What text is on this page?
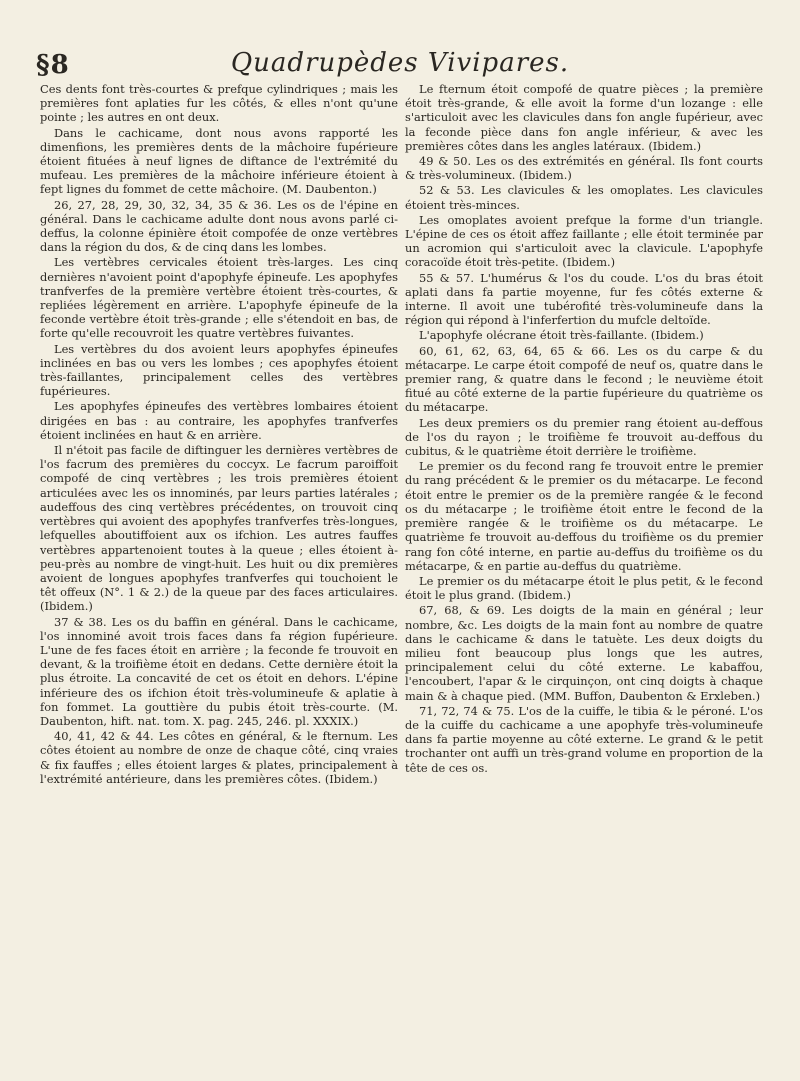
§8	Quadrupèdes Vivipares.

Ces dents font très-courtes & prefque cylindriques ; mais les premières font aplaties fur les côtés, & elles n'ont qu'une pointe ; les autres en ont deux.

Dans le cachicame, dont nous avons rapporté les dimenfions, les premières dents de la mâchoire fupérieure étoient fituées à neuf lignes de diftance de l'extrémité du mufeau. Les premières de la mâchoire inférieure étoient à fept lignes du fommet de cette mâchoire. (M. Daubenton.)

26, 27, 28, 29, 30, 32, 34, 35 & 36. Les os de l'épine en général. Dans le cachicame adulte dont nous avons parlé ci-deffus, la colonne épinière étoit compofée de onze vertèbres dans la région du dos, & de cinq dans les lombes.

Les vertèbres cervicales étoient très-larges. Les cinq dernières n'avoient point d'apophyfe épineufe. Les apophyfes tranfverfes de la première vertèbre étoient très-courtes, & repliées légèrement en arrière. L'apophyfe épineufe de la feconde vertèbre étoit très-grande ; elle s'étendoit en bas, de forte qu'elle recouvroit les quatre vertèbres fuivantes.

Les vertèbres du dos avoient leurs apophyfes épineufes inclinées en bas ou vers les lombes ; ces apophyfes étoient très-faillantes, principalement celles des vertèbres fupérieures.

Les apophyfes épineufes des vertèbres lombaires étoient dirigées en bas : au contraire, les apophyfes tranfverfes étoient inclinées en haut & en arrière.

Il n'étoit pas facile de diftinguer les dernières vertèbres de l'os facrum des premières du coccyx. Le facrum paroiffoit compofé de cinq vertèbres ; les trois premières étoient articulées avec les os innominés, par leurs parties latérales ; audeffous des cinq vertèbres précédentes, on trouvoit cinq vertèbres qui avoient des apophyfes tranfverfes très-longues, lefquelles aboutiffoient aux os ifchion. Les autres fauffes vertèbres appartenoient toutes à la queue ; elles étoient à-peu-près au nombre de vingt-huit. Les huit ou dix premières avoient de longues apophyfes tranfverfes qui touchoient le têt offeux (N°. 1 & 2.) de la queue par des faces articulaires. (Ibidem.)

37 & 38. Les os du baffin en général. Dans le cachicame, l'os innominé avoit trois faces dans fa région fupérieure. L'une de fes faces étoit en arrière ; la feconde fe trouvoit en devant, & la troifième étoit en dedans. Cette dernière étoit la plus étroite. La concavité de cet os étoit en dehors. L'épine inférieure des os ifchion étoit très-volumineufe & aplatie à fon fommet. La gouttière du pubis étoit très-courte. (M. Daubenton, hift. nat. tom. X. pag. 245, 246. pl. XXXIX.)

40, 41, 42 & 44. Les côtes en général, & le fternum. Les côtes étoient au nombre de onze de chaque côté, cinq vraies & fix fauffes ; elles étoient larges & plates, principalement à l'extrémité antérieure, dans les premières côtes. (Ibidem.)

Le fternum étoit compofé de quatre pièces ; la première étoit très-grande, & elle avoit la forme d'un lozange : elle s'articuloit avec les clavicules dans fon angle fupérieur, avec la feconde pièce dans fon angle inférieur, & avec les premières côtes dans les angles latéraux. (Ibidem.)

49 & 50. Les os des extrémités en général. Ils font courts & très-volumineux. (Ibidem.)

52 & 53. Les clavicules & les omoplates. Les clavicules étoient très-minces.

Les omoplates avoient prefque la forme d'un triangle. L'épine de ces os étoit affez faillante ; elle étoit terminée par un acromion qui s'articuloit avec la clavicule. L'apophyfe coracoïde étoit très-petite. (Ibidem.)

55 & 57. L'humérus & l'os du coude. L'os du bras étoit aplati dans fa partie moyenne, fur fes côtés externe & interne. Il avoit une tubérofité très-volumineufe dans la région qui répond à l'inferfertion du mufcle deltoïde.

L'apophyfe olécrane étoit très-faillante. (Ibidem.)

60, 61, 62, 63, 64, 65 & 66. Les os du carpe & du métacarpe. Le carpe étoit compofé de neuf os, quatre dans le premier rang, & quatre dans le fecond ; le neuvième étoit fitué au côté externe de la partie fupérieure du quatrième os du métacarpe.

Les deux premiers os du premier rang étoient au-deffous de l'os du rayon ; le troifième fe trouvoit au-deffous du cubitus, & le quatrième étoit derrière le troifième.

Le premier os du fecond rang fe trouvoit entre le premier du rang précédent & le premier os du métacarpe. Le fecond étoit entre le premier os de la première rangée & le fecond os du métacarpe ; le troifième étoit entre le fecond de la première rangée & le troifième os du métacarpe. Le quatrième fe trouvoit au-deffous du troifième os du premier rang fon côté interne, en partie au-deffus du troifième os du métacarpe, & en partie au-deffus du quatrième.

Le premier os du métacarpe étoit le plus petit, & le fecond étoit le plus grand. (Ibidem.)

67, 68, & 69. Les doigts de la main en général ; leur nombre, &c. Les doigts de la main font au nombre de quatre dans le cachicame & dans le tatuète. Les deux doigts du milieu font beaucoup plus longs que les autres, principalement celui du côté externe. Le kabaffou, l'encoubert, l'apar & le cirquinçon, ont cinq doigts à chaque main & à chaque pied. (MM. Buffon, Daubenton & Erxleben.)

71, 72, 74 & 75. L'os de la cuiffe, le tibia & le péroné. L'os de la cuiffe du cachicame a une apophyfe très-volumineufe dans fa partie moyenne au côté externe. Le grand & le petit trochanter ont auffi un très-grand volume en proportion de la tête de ces os.
